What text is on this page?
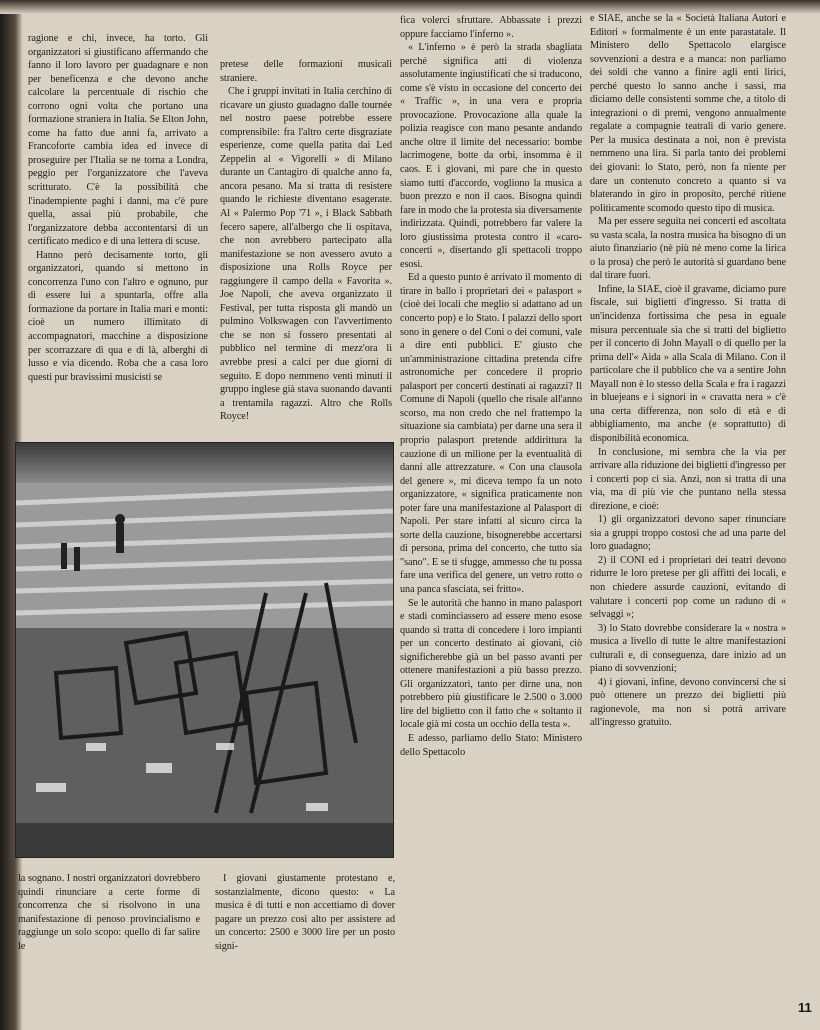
ragione e chi, invece, ha torto. Gli organizzatori si giustificano affermando che fanno il loro lavoro per guadagnare e non per beneficenza e che devono anche calcolare la percentuale di rischio che corrono ogni volta che portano una formazione straniera in Italia. Se Elton John, come ha fatto due anni fa, arrivato a Francoforte cambia idea ed invece di proseguire per l'Italia se ne torna a Londra, peggio per l'organizzatore che l'aveva scritturato. C'è la possibilità che l'inadempiente paghi i danni, ma c'è pure quella, assai più probabile, che l'organizzatore debba accontentarsi di un certificato medico e di una lettera di scuse.

Hanno però decisamente torto, gli organizzatori, quando si mettono in concorrenza l'uno con l'altro e ognuno, pur di essere lui a spuntarla, offre alla formazione da portare in Italia mari e monti: cioè un numero illimitato di accompagnatori, macchine a disposizione per scorrazzare di qua e di là, alberghi di lusso e via dicendo. Roba che a casa loro questi pur bravissimi musicisti se

pretese delle formazioni musicali straniere.

Che i gruppi invitati in Italia cerchino di ricavare un giusto guadagno dalle tournée nel nostro paese potrebbe essere comprensibile: fra l'altro certe disgraziate esperienze, come quella patita dai Led Zeppelin al « Vigorelli » di Milano durante un Cantagiro di qualche anno fa, ancora pesano. Ma si tratta di resistere quando le richieste diventano esagerate. Al « Palermo Pop '71 », i Black Sabbath fecero sapere, all'albergo che li ospitava, che non avrebbero partecipato alla manifestazione se non avessero avuto a disposizione una Rolls Royce per raggiungere il campo della « Favorita ». Joe Napoli, che aveva organizzato il Festival, per tutta risposta gli mandò un pulmino Volkswagen con l'avvertimento che se non si fossero presentati al pubblico nel termine di mezz'ora li avrebbe presi a calci per due giorni di seguito. E dopo nemmeno venti minuti il gruppo inglese già stava suonando davanti a trentamila ragazzi. Altro che Rolls Royce!

la sognano. I nostri organizzatori dovrebbero quindi rinunciare a certe forme di concorrenza che si risolvono in una manifestazione di penoso provincialismo e raggiunge un solo scopo: quello di far salire le

I giovani giustamente protestano e, sostanzialmente, dicono questo: « La musica è di tutti e non accettiamo di dover pagare un prezzo così alto per assistere ad un concerto: 2500 e 3000 lire per un posto signi-

fica volerci sfruttare. Abbassate i prezzi oppure facciamo l'inferno ».

« L'inferno » è però la strada sbagliata perché significa atti di violenza assolutamente ingiustificati che si traducono, come s'è visto in occasione del concerto dei « Traffic », in una vera e propria provocazione. Provocazione alla quale la polizia reagisce con mano pesante andando anche oltre il limite del necessario: bombe lacrimogene, botte da orbi, insomma è il caos. E i giovani, mi pare che in questo siamo tutti d'accordo, vogliono la musica a buon prezzo e non il caos. Bisogna quindi fare in modo che la protesta sia diversamente indirizzata. Quindi, potrebbero far valere la loro giustissima protesta contro il «caro-concerti », disertando gli spettacoli troppo esosi.

Ed a questo punto è arrivato il momento di tirare in ballo i proprietari dei « palasport » (cioè dei locali che meglio si adattano ad un concerto pop) e lo Stato. I palazzi dello sport sono in genere o del Coni o dei comuni, vale a dire enti pubblici. E' giusto che un'amministrazione cittadina pretenda cifre astronomiche per concedere il proprio palasport per concerti destinati ai ragazzi? Il Comune di Napoli (quello che risale all'anno scorso, ma non credo che nel frattempo la situazione sia cambiata) per darne una sera il proprio palasport pretende addirittura la cauzione di un milione per la eventualità di danni alle attrezzature. « Con una clausola del genere », mi diceva tempo fa un noto organizzatore, « significa praticamente non poter fare una manifestazione al Palasport di Napoli. Per stare infatti al sicuro circa la sorte della cauzione, bisognerebbe accertarsi di persona, prima del concerto, che tutto sia "sano". E se ti sfugge, ammesso che tu possa fare una verifica del genere, un vetro rotto o una panca sfasciata, sei fritto».

Se le autorità che hanno in mano palasport e stadi cominciassero ad essere meno esose quando si tratta di concedere i loro impianti per un concerto destinato ai giovani, ciò significherebbe già un bel passo avanti per ottenere manifestazioni a più basso prezzo. Gli organizzatori, tanto per dirne una, non potrebbero più giustificare le 2.500 o 3.000 lire del biglietto con il fatto che « soltanto il locale già mi costa un occhio della testa ».

E adesso, parliamo dello Stato: Ministero dello Spettacolo

e SIAE, anche se la « Società Italiana Autori e Editori » formalmente è un ente parastatale. Il Ministero dello Spettacolo elargisce sovvenzioni a destra e a manca: non parliamo dei soldi che vanno a finire agli enti lirici, perché questo lo sanno anche i sassi, ma diciamo delle consistenti somme che, a titolo di integrazioni o di premi, vengono annualmente regalate a compagnie teatrali di vario genere. Per la musica destinata a noi, non è prevista nemmeno una lira. Si parla tanto dei problemi dei giovani: lo Stato, però, non fa niente per dare un contenuto concreto a quanto si va blaterando in giro in proposito, perché ritiene politicamente scomodo questo tipo di musica.

Ma per essere seguita nei concerti ed ascoltata su vasta scala, la nostra musica ha bisogno di un aiuto finanziario (nè più nè meno come la lirica o la prosa) che però le autorità si guardano bene dal tirare fuori.

Infine, la SIAE, cioè il gravame, diciamo pure fiscale, sui biglietti d'ingresso. Si tratta di un'incidenza fortissima che pesa in eguale misura percentuale sia che si tratti del biglietto per il concerto di John Mayall o di quello per la prima dell'« Aida » alla Scala di Milano. Con il particolare che il pubblico che va a sentire John Mayall non è lo stesso della Scala e fra i ragazzi in bluejeans e i signori in « cravatta nera » c'è una certa differenza, non solo di età e di abbigliamento, ma anche (e soprattutto) di disponibilità economica.

In conclusione, mi sembra che la via per arrivare alla riduzione dei biglietti d'ingresso per i concerti pop ci sia. Anzi, non si tratta di una via, ma di più vie che puntano nella stessa direzione, e cioè:

1) gli organizzatori devono saper rinunciare sia a gruppi troppo costosi che ad una parte del loro guadagno;

2) il CONI ed i proprietari dei teatri devono ridurre le loro pretese per gli affitti dei locali, e non chiedere assurde cauzioni, evitando di valutare i concerti pop come un raduno di « selvaggi »;

3) lo Stato dovrebbe considerare la « nostra » musica a livello di tutte le altre manifestazioni culturali e, di conseguenza, dare inizio ad un piano di sovvenzioni;

4) i giovani, infine, devono convincersi che si può ottenere un prezzo dei biglietti più ragionevole, ma non si potrà arrivare all'ingresso gratuito.

11
